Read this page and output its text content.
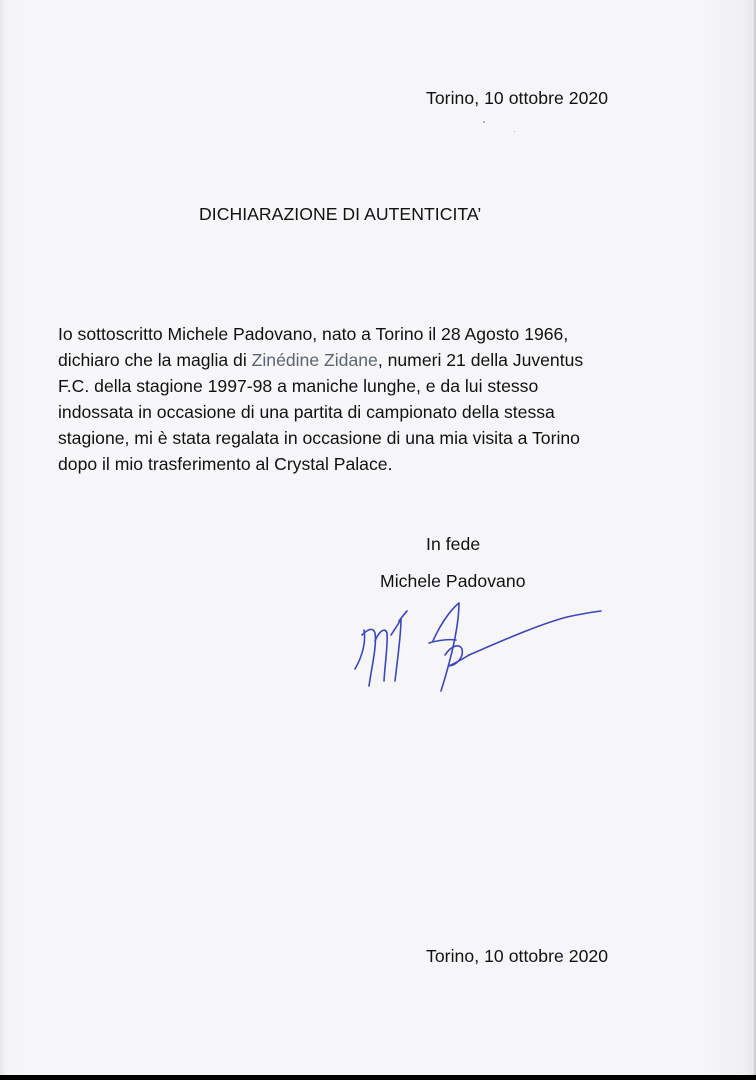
Torino, 10 ottobre 2020
DICHIARAZIONE DI AUTENTICITA’
Io sottoscritto Michele Padovano, nato a Torino il 28 Agosto 1966,
dichiaro che la maglia di Zinédine Zidane, numeri 21 della Juventus
F.C. della stagione 1997-98 a maniche lunghe, e da lui stesso
indossata in occasione di una partita di campionato della stessa
stagione, mi è stata regalata in occasione di una mia visita a Torino
dopo il mio trasferimento al Crystal Palace.
In fede
Michele Padovano
Torino, 10 ottobre 2020
